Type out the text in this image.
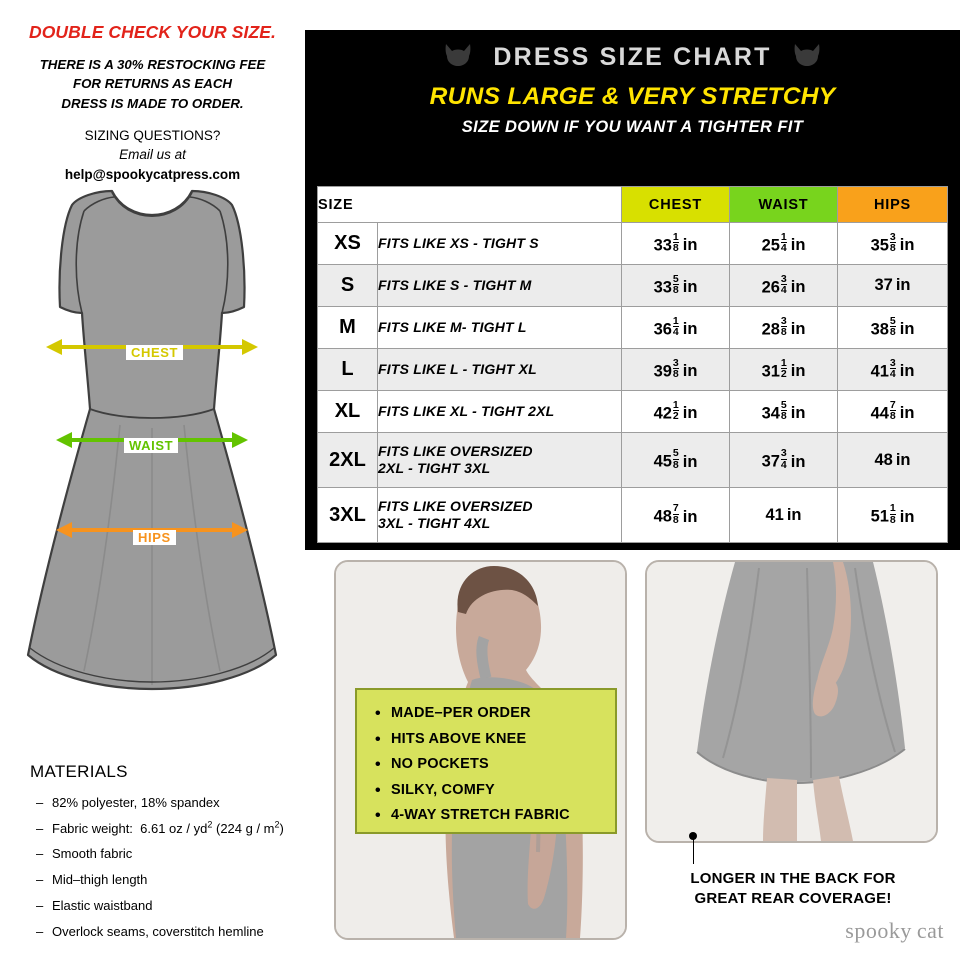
DOUBLE CHECK YOUR SIZE.
THERE IS A 30% RESTOCKING FEE
FOR RETURNS AS EACH
DRESS IS MADE TO ORDER.
SIZING QUESTIONS?
Email us at
help@spookycatpress.com
CHEST
WAIST
HIPS
MATERIALS
– 82% polyester, 18% spandex
– Fabric weight:  6.61 oz / $yd^2$ (224 g / $m^2$)
– Smooth fabric
– Mid–thigh length
– Elastic waistband
– Overlock seams, coverstitch hemline
DRESS SIZE CHART
RUNS LARGE & VERY STRETCHY
SIZE DOWN IF YOU WANT A TIGHTER FIT
SIZE		CHEST	WAIST	HIPS
XS	FITS LIKE XS - TIGHT S	$33 \frac{1}{8}$ in	$25 \frac{1}{4}$ in	$35 \frac{3}{8}$ in
S	FITS LIKE S - TIGHT M	$33 \frac{5}{8}$ in	$26 \frac{3}{4}$ in	37 in
M	FITS LIKE M- TIGHT L	$36 \frac{1}{4}$ in	$28 \frac{3}{8}$ in	$38 \frac{5}{8}$ in
L	FITS LIKE L - TIGHT XL	$39 \frac{3}{8}$ in	$31 \frac{1}{2}$ in	$41 \frac{3}{4}$ in
XL	FITS LIKE XL - TIGHT 2XL	$42 \frac{1}{2}$ in	$34 \frac{5}{8}$ in	$44 \frac{7}{8}$ in
2XL	FITS LIKE OVERSIZED
2XL - TIGHT 3XL	$45 \frac{5}{8}$ in	$37 \frac{3}{4}$ in	48 in
3XL	FITS LIKE OVERSIZED
3XL - TIGHT 4XL	$48 \frac{7}{8}$ in	41 in	$51 \frac{1}{8}$ in
• MADE–PER ORDER
• HITS ABOVE KNEE
• NO POCKETS
• SILKY, COMFY
• 4-WAY STRETCH FABRIC
LONGER IN THE BACK FOR
GREAT REAR COVERAGE!
spooky cat
